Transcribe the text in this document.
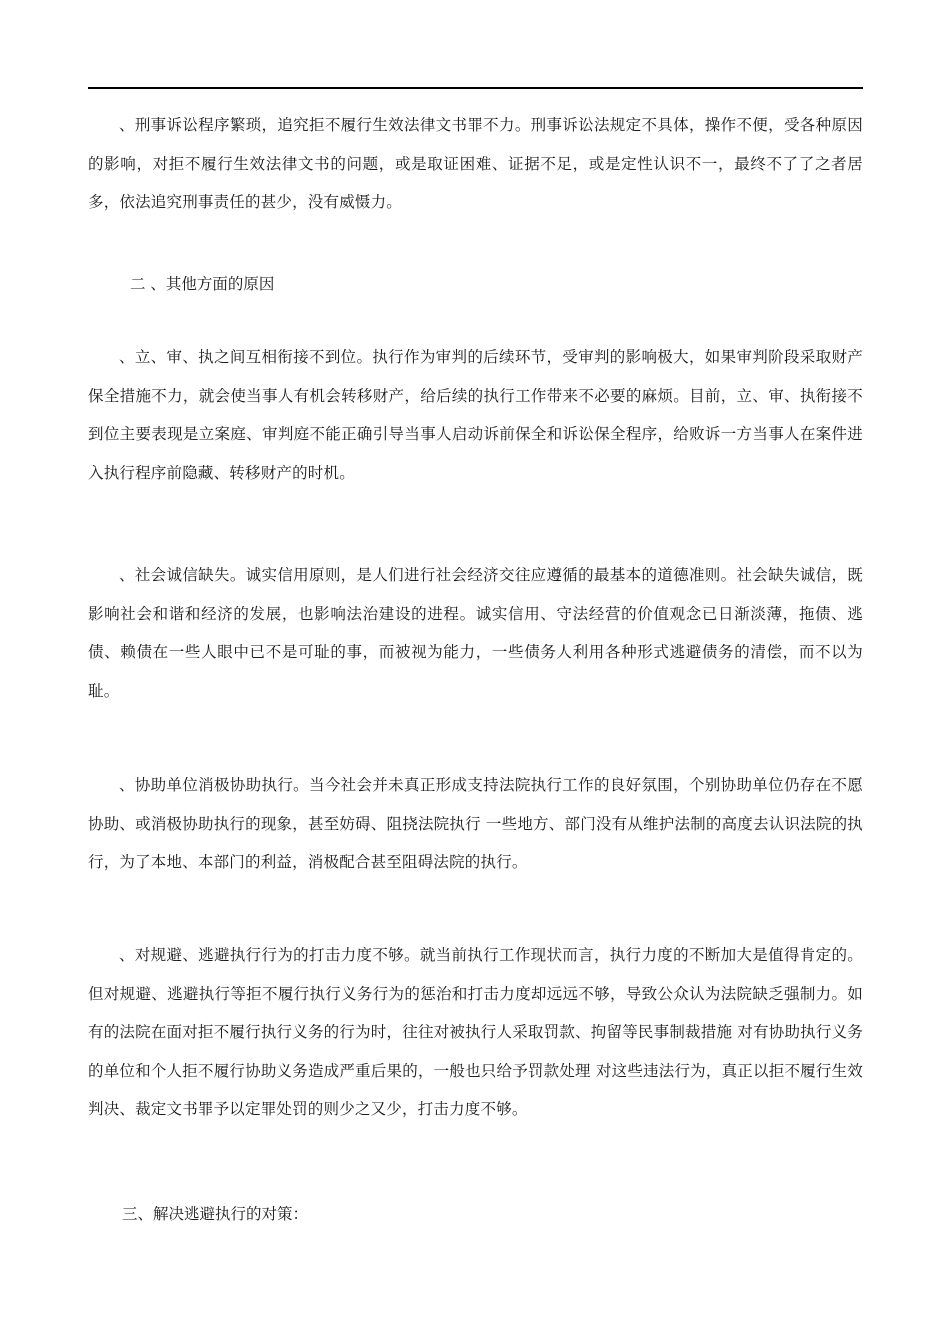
、刑事诉讼程序繁琐，追究拒不履行生效法律文书罪不力。刑事诉讼法规定不具体，操作不便，受各种原因的影响，对拒不履行生效法律文书的问题，或是取证困难、证据不足，或是定性认识不一，最终不了了之者居多，依法追究刑事责任的甚少，没有威慑力。

二 、其他方面的原因

、立、审、执之间互相衔接不到位。执行作为审判的后续环节，受审判的影响极大，如果审判阶段采取财产保全措施不力，就会使当事人有机会转移财产，给后续的执行工作带来不必要的麻烦。目前，立、审、执衔接不到位主要表现是立案庭、审判庭不能正确引导当事人启动诉前保全和诉讼保全程序，给败诉一方当事人在案件进入执行程序前隐藏、转移财产的时机。

、社会诚信缺失。诚实信用原则，是人们进行社会经济交往应遵循的最基本的道德准则。社会缺失诚信，既影响社会和谐和经济的发展，也影响法治建设的进程。诚实信用、守法经营的价值观念已日渐淡薄，拖债、逃债、赖债在一些人眼中已不是可耻的事，而被视为能力，一些债务人利用各种形式逃避债务的清偿，而不以为耻。

、协助单位消极协助执行。当今社会并未真正形成支持法院执行工作的良好氛围，个别协助单位仍存在不愿协助、或消极协助执行的现象，甚至妨碍、阻挠法院执行 一些地方、部门没有从维护法制的高度去认识法院的执行，为了本地、本部门的利益，消极配合甚至阻碍法院的执行。

、对规避、逃避执行行为的打击力度不够。就当前执行工作现状而言，执行力度的不断加大是值得肯定的。但对规避、逃避执行等拒不履行执行义务行为的惩治和打击力度却远远不够，导致公众认为法院缺乏强制力。如有的法院在面对拒不履行执行义务的行为时，往往对被执行人采取罚款、拘留等民事制裁措施 对有协助执行义务的单位和个人拒不履行协助义务造成严重后果的，一般也只给予罚款处理 对这些违法行为，真正以拒不履行生效判决、裁定文书罪予以定罪处罚的则少之又少，打击力度不够。

三、解决逃避执行的对策：
